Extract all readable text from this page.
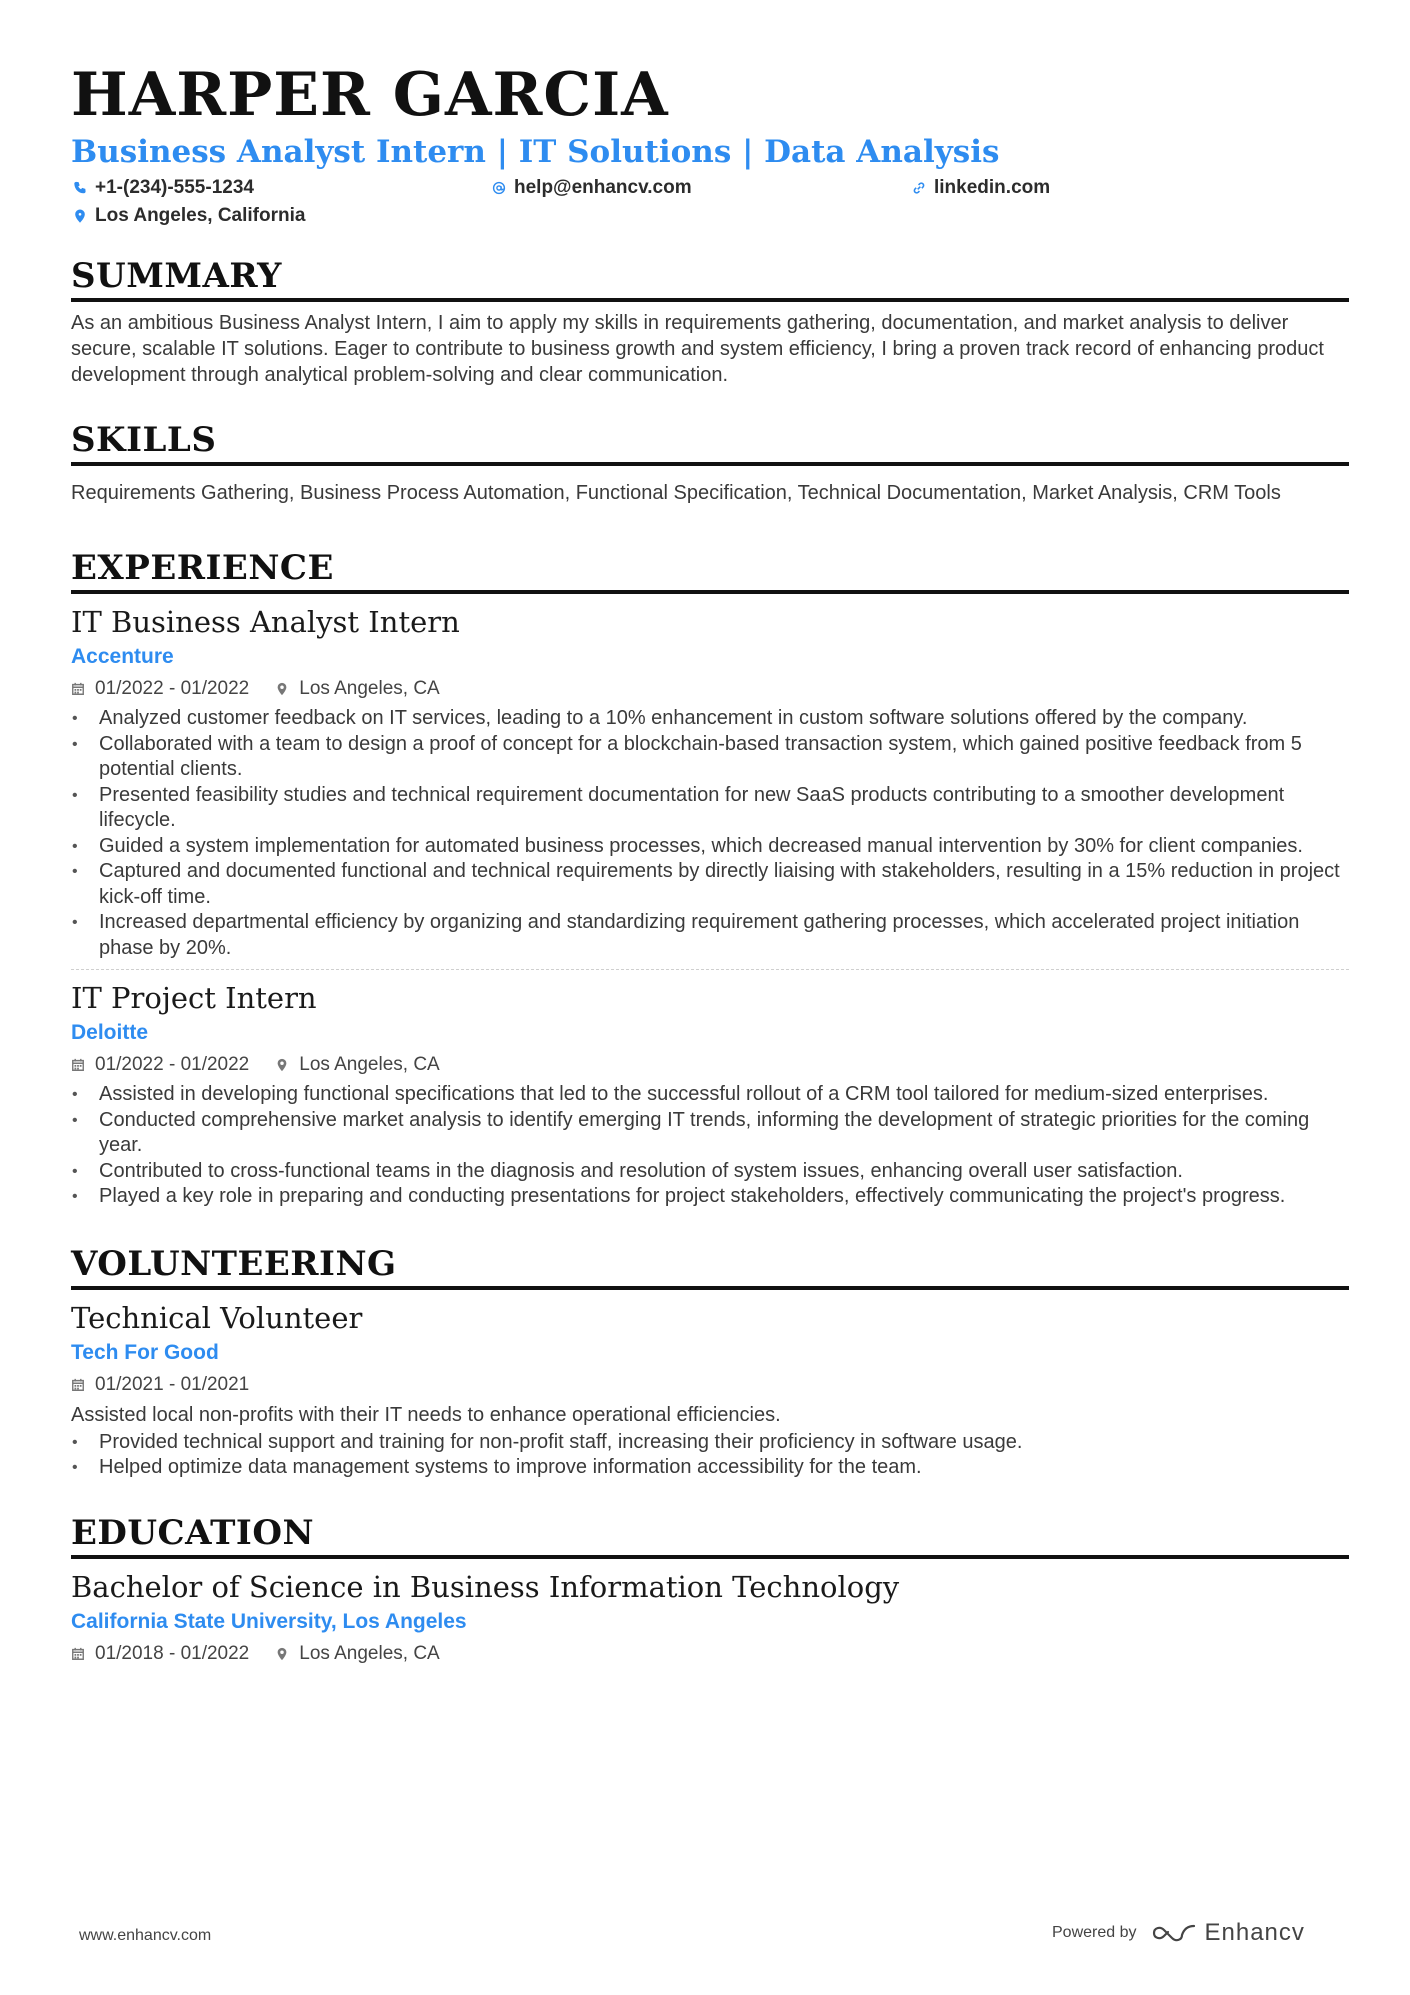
HARPER GARCIA
Business Analyst Intern | IT Solutions | Data Analysis
+1-(234)-555-1234	help@enhancv.com	linkedin.com
Los Angeles, California
SUMMARY
As an ambitious Business Analyst Intern, I aim to apply my skills in requirements gathering, documentation, and market analysis to deliver secure, scalable IT solutions. Eager to contribute to business growth and system efficiency, I bring a proven track record of enhancing product development through analytical problem-solving and clear communication.
SKILLS
Requirements Gathering, Business Process Automation, Functional Specification, Technical Documentation, Market Analysis, CRM Tools
EXPERIENCE
IT Business Analyst Intern
Accenture
01/2022 - 01/2022	Los Angeles, CA
• Analyzed customer feedback on IT services, leading to a 10% enhancement in custom software solutions offered by the company.
• Collaborated with a team to design a proof of concept for a blockchain-based transaction system, which gained positive feedback from 5 potential clients.
• Presented feasibility studies and technical requirement documentation for new SaaS products contributing to a smoother development lifecycle.
• Guided a system implementation for automated business processes, which decreased manual intervention by 30% for client companies.
• Captured and documented functional and technical requirements by directly liaising with stakeholders, resulting in a 15% reduction in project kick-off time.
• Increased departmental efficiency by organizing and standardizing requirement gathering processes, which accelerated project initiation phase by 20%.
IT Project Intern
Deloitte
01/2022 - 01/2022	Los Angeles, CA
• Assisted in developing functional specifications that led to the successful rollout of a CRM tool tailored for medium-sized enterprises.
• Conducted comprehensive market analysis to identify emerging IT trends, informing the development of strategic priorities for the coming year.
• Contributed to cross-functional teams in the diagnosis and resolution of system issues, enhancing overall user satisfaction.
• Played a key role in preparing and conducting presentations for project stakeholders, effectively communicating the project's progress.
VOLUNTEERING
Technical Volunteer
Tech For Good
01/2021 - 01/2021
Assisted local non-profits with their IT needs to enhance operational efficiencies.
• Provided technical support and training for non-profit staff, increasing their proficiency in software usage.
• Helped optimize data management systems to improve information accessibility for the team.
EDUCATION
Bachelor of Science in Business Information Technology
California State University, Los Angeles
01/2018 - 01/2022	Los Angeles, CA
www.enhancv.com	Powered by	Enhancv
